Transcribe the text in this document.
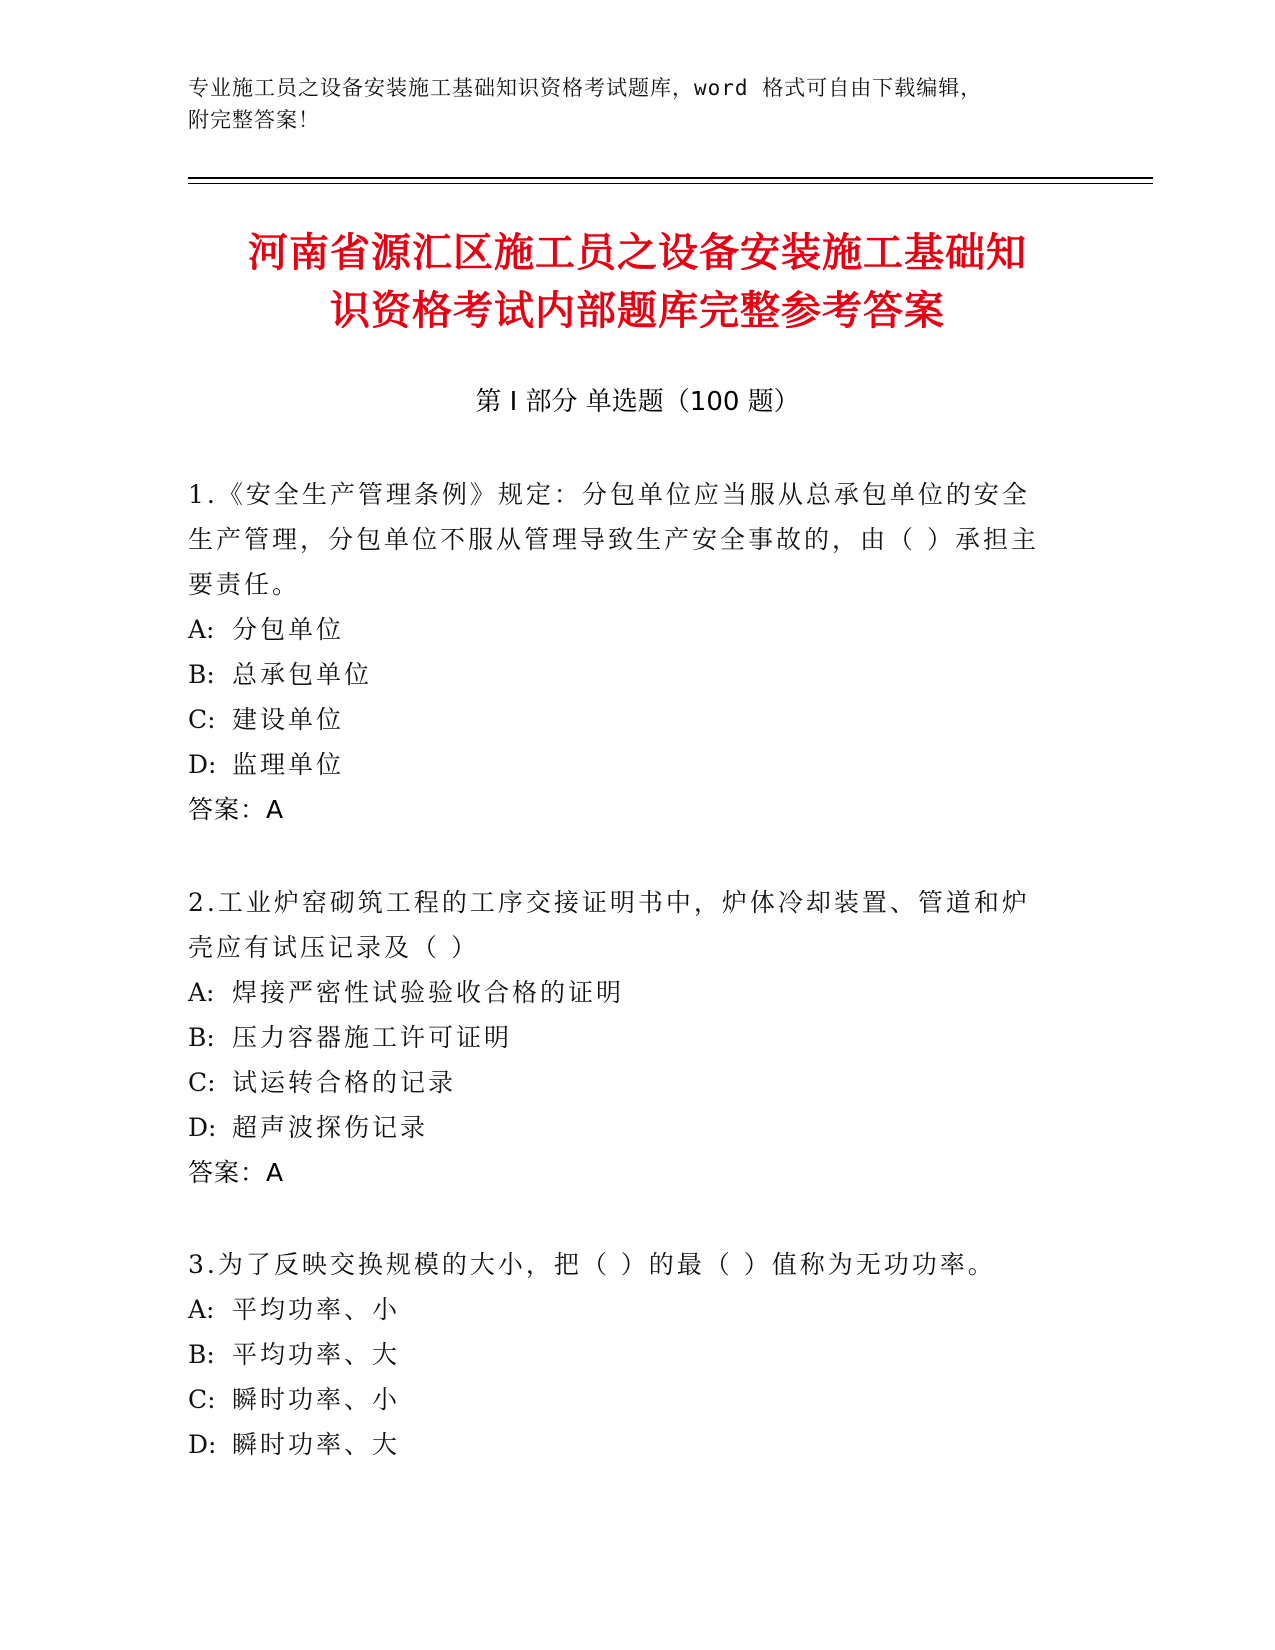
专业施工员之设备安装施工基础知识资格考试题库，word 格式可自由下载编辑，
附完整答案！
河南省源汇区施工员之设备安装施工基础知
识资格考试内部题库完整参考答案
第 I 部分 单选题（100 题）
1.《安全生产管理条例》规定：分包单位应当服从总承包单位的安全
生产管理，分包单位不服从管理导致生产安全事故的，由（ ）承担主
要责任。
A: 分包单位
B: 总承包单位
C: 建设单位
D: 监理单位
答案：A
2.工业炉窑砌筑工程的工序交接证明书中，炉体冷却装置、管道和炉
壳应有试压记录及（ ）
A: 焊接严密性试验验收合格的证明
B: 压力容器施工许可证明
C: 试运转合格的记录
D: 超声波探伤记录
答案：A
3.为了反映交换规模的大小，把（ ）的最（ ）值称为无功功率。
A: 平均功率、小
B: 平均功率、大
C: 瞬时功率、小
D: 瞬时功率、大
